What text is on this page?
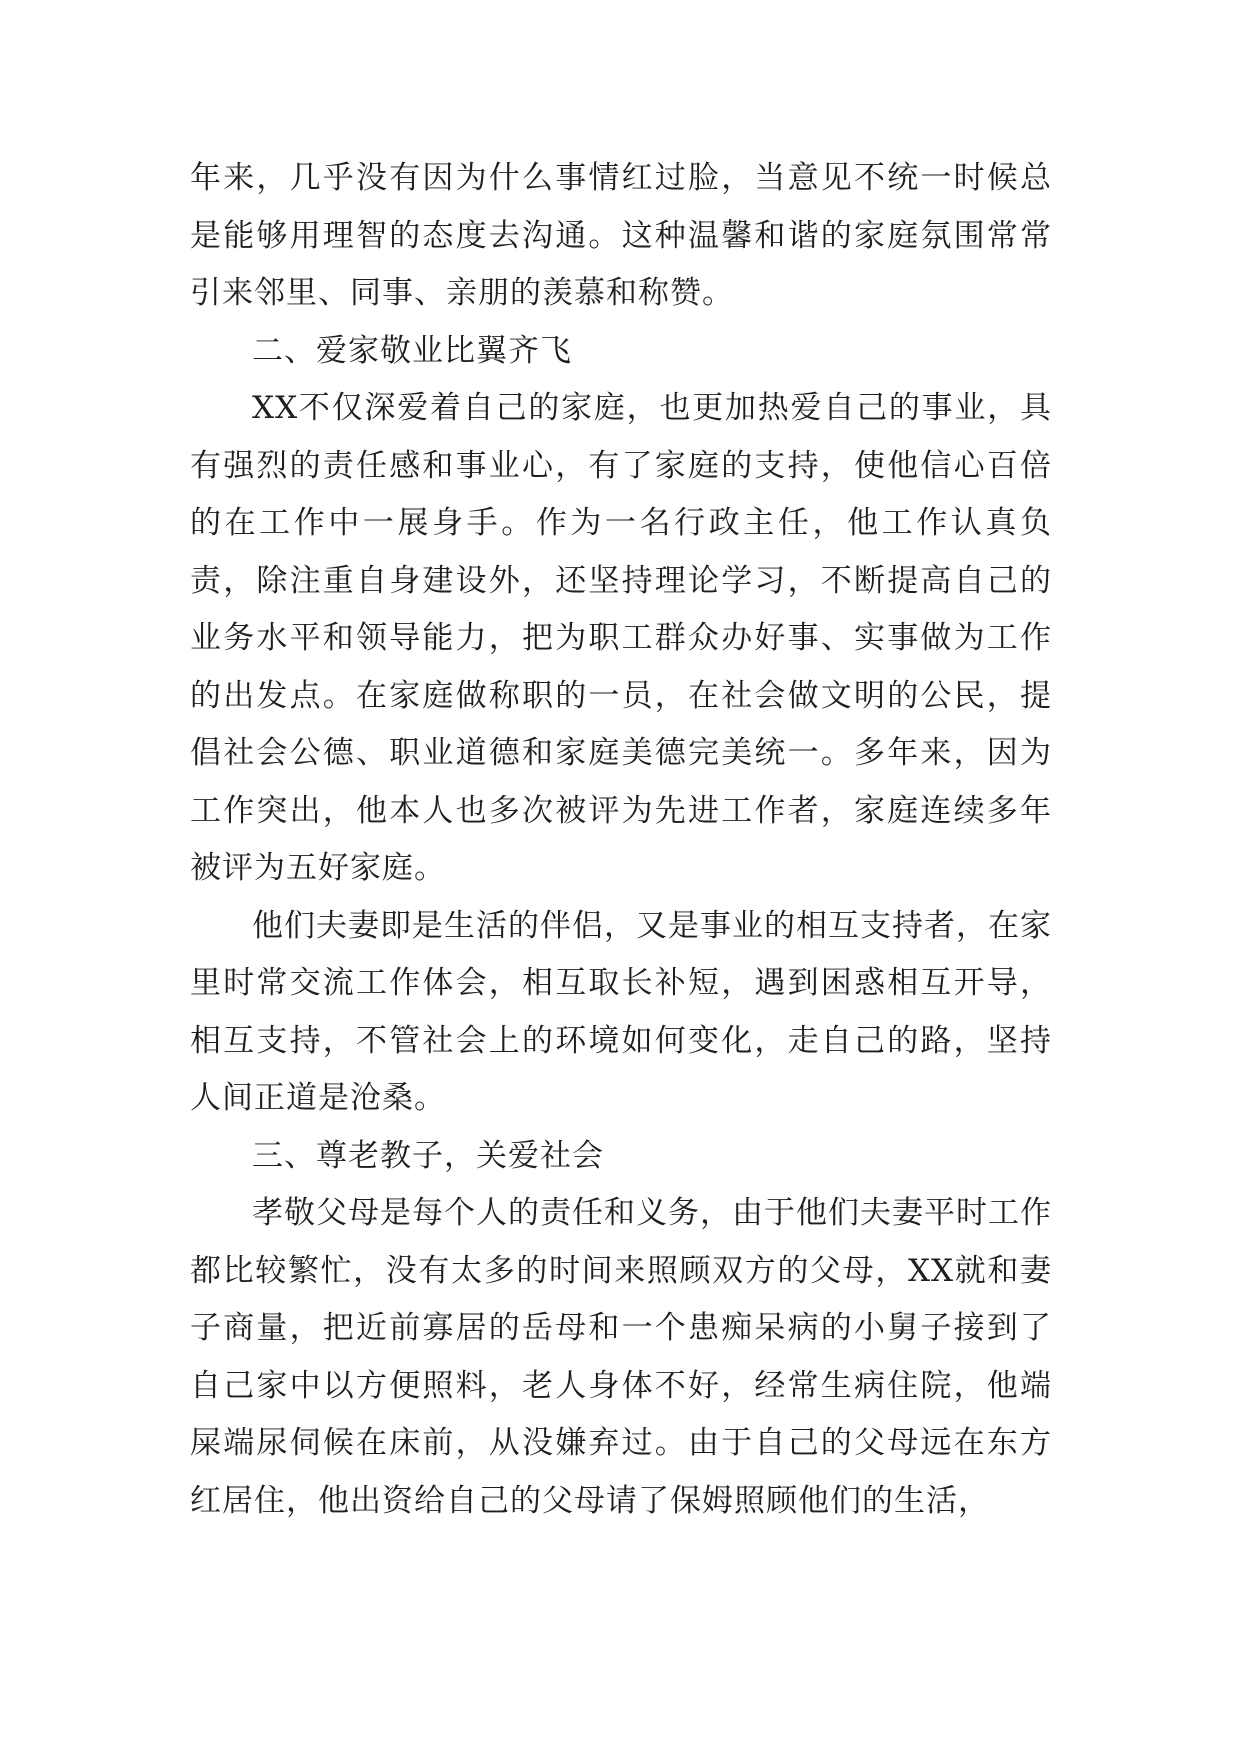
年来，几乎没有因为什么事情红过脸，当意见不统一时候总是能够用理智的态度去沟通。这种温馨和谐的家庭氛围常常引来邻里、同事、亲朋的羡慕和称赞。

二、爱家敬业比翼齐飞

XX不仅深爱着自己的家庭，也更加热爱自己的事业，具有强烈的责任感和事业心，有了家庭的支持，使他信心百倍的在工作中一展身手。作为一名行政主任，他工作认真负责，除注重自身建设外，还坚持理论学习，不断提高自己的业务水平和领导能力，把为职工群众办好事、实事做为工作的出发点。在家庭做称职的一员，在社会做文明的公民，提倡社会公德、职业道德和家庭美德完美统一。多年来，因为工作突出，他本人也多次被评为先进工作者，家庭连续多年被评为五好家庭。

他们夫妻即是生活的伴侣，又是事业的相互支持者，在家里时常交流工作体会，相互取长补短，遇到困惑相互开导，相互支持，不管社会上的环境如何变化，走自己的路，坚持人间正道是沧桑。

三、尊老教子，关爱社会

孝敬父母是每个人的责任和义务，由于他们夫妻平时工作都比较繁忙，没有太多的时间来照顾双方的父母，XX就和妻子商量，把近前寡居的岳母和一个患痴呆病的小舅子接到了自己家中以方便照料，老人身体不好，经常生病住院，他端屎端尿伺候在床前，从没嫌弃过。由于自己的父母远在东方红居住，他出资给自己的父母请了保姆照顾他们的生活，
